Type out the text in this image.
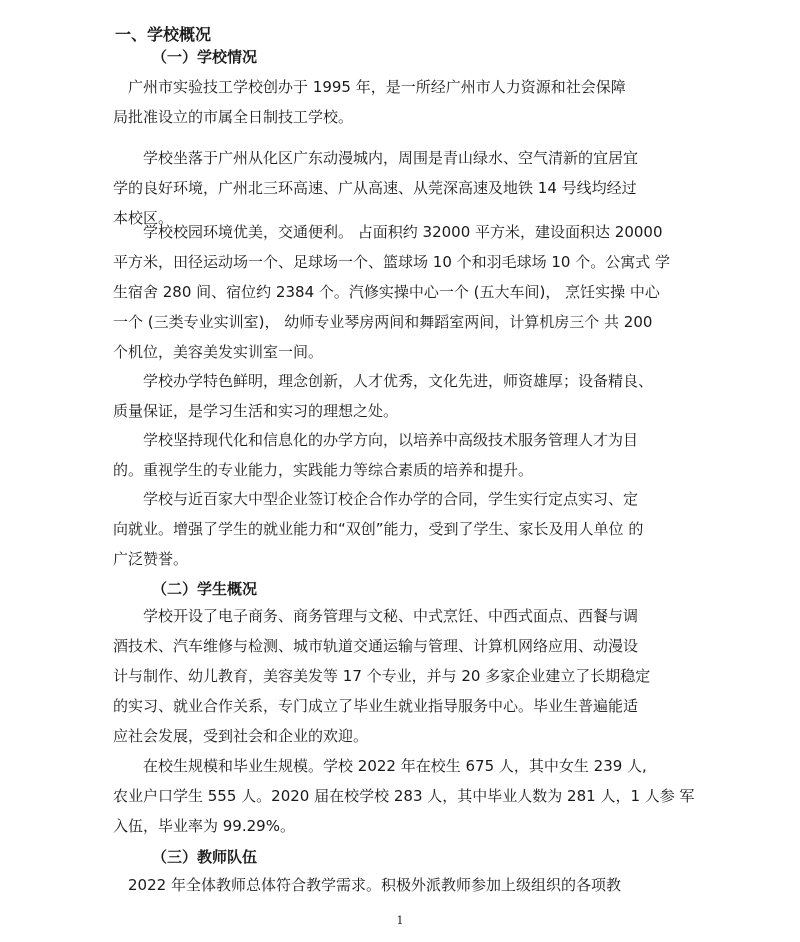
一、学校概况
（一）学校情况

　广州市实验技工学校创办于 1995 年，是一所经广州市人力资源和社会保障
局批准设立的市属全日制技工学校。

　　学校坐落于广州从化区广东动漫城内，周围是青山绿水、空气清新的宜居宜
学的良好环境，广州北三环高速、广从高速、从莞深高速及地铁 14 号线均经过
本校区。

　　学校校园环境优美，交通便利。 占面积约 32000 平方米，建设面积达 20000
平方米，田径运动场一个、足球场一个、篮球场 10 个和羽毛球场 10 个。公寓式 学
生宿舍 280 间、宿位约 2384 个。汽修实操中心一个 (五大车间)， 烹饪实操 中心
一个 (三类专业实训室)， 幼师专业琴房两间和舞蹈室两间，计算机房三个 共 200
个机位，美容美发实训室一间。

　　学校办学特色鲜明，理念创新，人才优秀，文化先进，师资雄厚；设备精良、
质量保证，是学习生活和实习的理想之处。

　　学校坚持现代化和信息化的办学方向，以培养中高级技术服务管理人才为目
的。重视学生的专业能力，实践能力等综合素质的培养和提升。

　　学校与近百家大中型企业签订校企合作办学的合同，学生实行定点实习、定
向就业。增强了学生的就业能力和“双创”能力，受到了学生、家长及用人单位 的
广泛赞誉。

（二）学生概况

　　学校开设了电子商务、商务管理与文秘、中式烹饪、中西式面点、西餐与调
酒技术、汽车维修与检测、城市轨道交通运输与管理、计算机网络应用、动漫设
计与制作、幼儿教育，美容美发等 17 个专业，并与 20 多家企业建立了长期稳定
的实习、就业合作关系，专门成立了毕业生就业指导服务中心。毕业生普遍能适
应社会发展，受到社会和企业的欢迎。

　　在校生规模和毕业生规模。学校 2022 年在校生 675 人，其中女生 239 人,
农业户口学生 555 人。2020 届在校学校 283 人，其中毕业人数为 281 人，1 人参 军
入伍，毕业率为 99.29%。

（三）教师队伍

　2022 年全体教师总体符合教学需求。积极外派教师参加上级组织的各项教

1
